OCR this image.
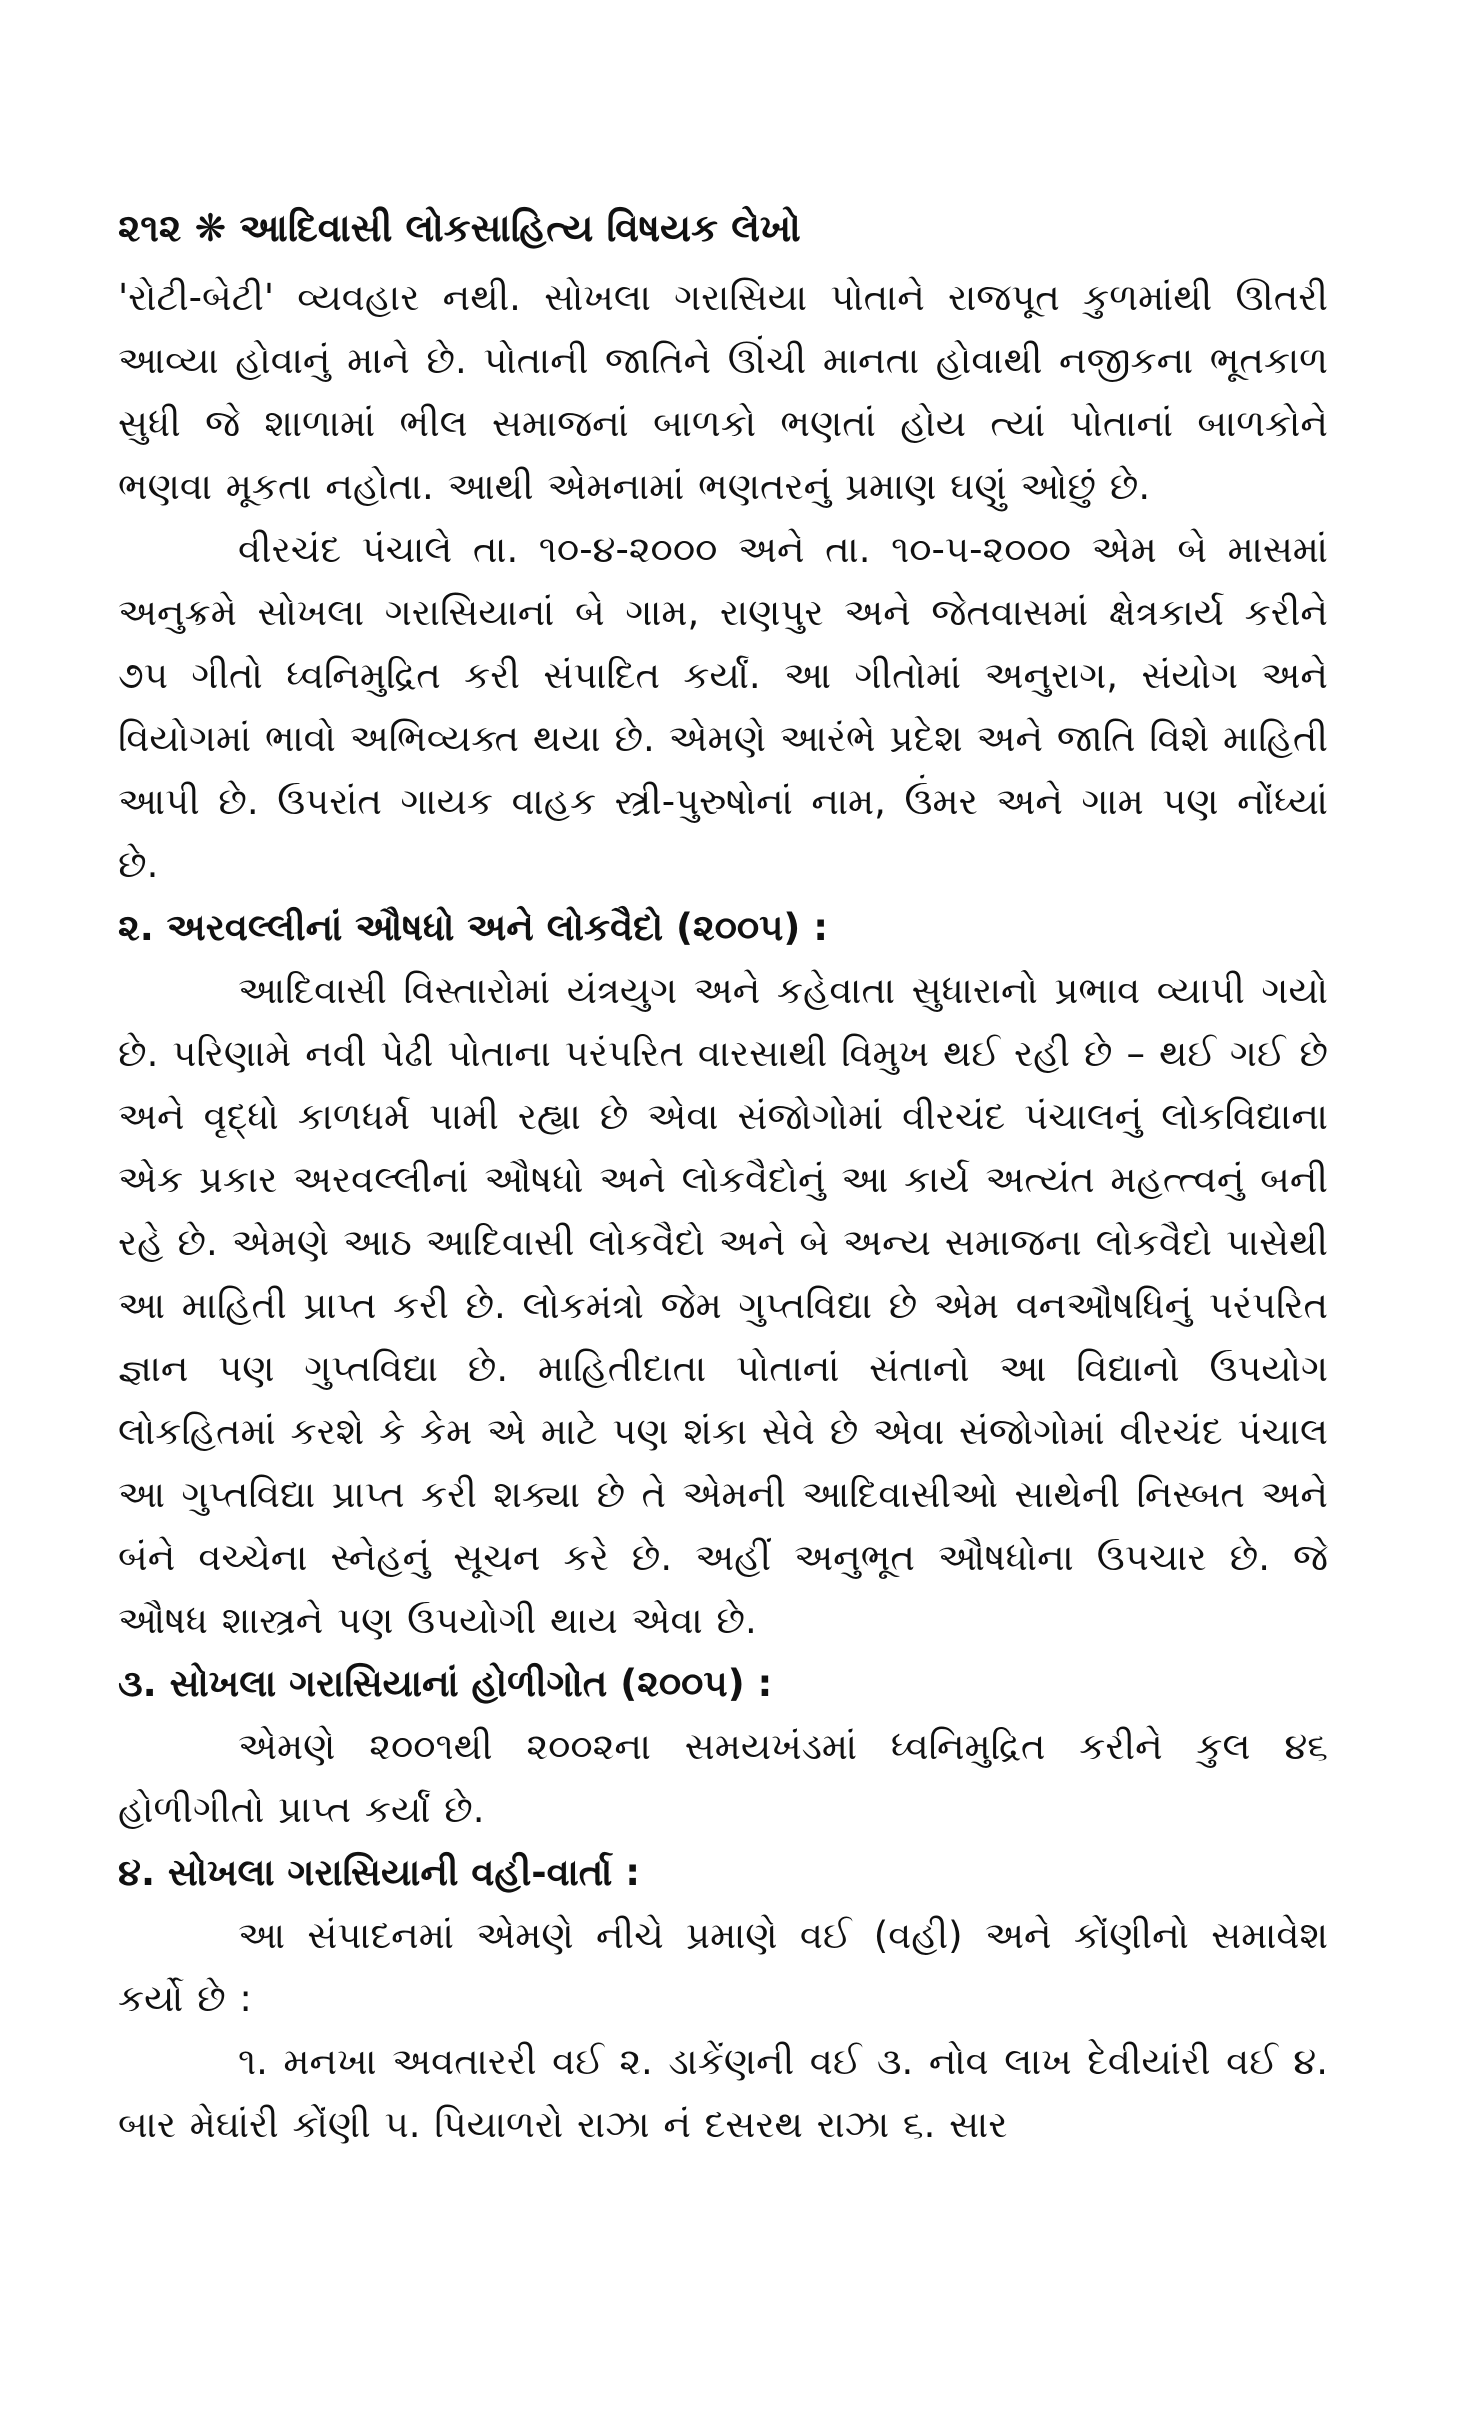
૨૧૨ ❋ આદિવાસી લોકસાહિત્ય વિષયક લેખો

'રોટી-બેટી' વ્યવહાર નથી. સોખલા ગરાસિયા પોતાને રાજપૂત કુળમાંથી ઊતરી આવ્યા હોવાનું માને છે. પોતાની જાતિને ઊંચી માનતા હોવાથી નજીકના ભૂતકાળ સુધી જે શાળામાં ભીલ સમાજનાં બાળકો ભણતાં હોય ત્યાં પોતાનાં બાળકોને ભણવા મૂકતા નહોતા. આથી એમનામાં ભણતરનું પ્રમાણ ઘણું ઓછું છે.

વીરચંદ પંચાલે તા. ૧૦-૪-૨૦૦૦ અને તા. ૧૦-૫-૨૦૦૦ એમ બે માસમાં અનુક્રમે સોખલા ગરાસિયાનાં બે ગામ, રાણપુર અને જેતવાસમાં ક્ષેત્રકાર્ય કરીને ૭૫ ગીતો ધ્વનિમુદ્રિત કરી સંપાદિત કર્યાં. આ ગીતોમાં અનુરાગ, સંયોગ અને વિયોગમાં ભાવો અભિવ્યક્ત થયા છે. એમણે આરંભે પ્રદેશ અને જાતિ વિશે માહિતી આપી છે. ઉપરાંત ગાયક વાહક સ્ત્રી-પુરુષોનાં નામ, ઉંમર અને ગામ પણ નોંધ્યાં છે.

૨. અરવલ્લીનાં ઔષધો અને લોકવૈદો (૨૦૦૫) :

આદિવાસી વિસ્તારોમાં યંત્રયુગ અને કહેવાતા સુધારાનો પ્રભાવ વ્યાપી ગયો છે. પરિણામે નવી પેઢી પોતાના પરંપરિત વારસાથી વિમુખ થઈ રહી છે – થઈ ગઈ છે અને વૃદ્ધો કાળધર્મ પામી રહ્યા છે એવા સંજોગોમાં વીરચંદ પંચાલનું લોકવિદ્યાના એક પ્રકાર અરવલ્લીનાં ઔષધો અને લોકવૈદોનું આ કાર્ય અત્યંત મહત્ત્વનું બની રહે છે. એમણે આઠ આદિવાસી લોકવૈદો અને બે અન્ય સમાજના લોકવૈદો પાસેથી આ માહિતી પ્રાપ્ત કરી છે. લોકમંત્રો જેમ ગુપ્તવિદ્યા છે એમ વનઔષધિનું પરંપરિત જ્ઞાન પણ ગુપ્તવિદ્યા છે. માહિતીદાતા પોતાનાં સંતાનો આ વિદ્યાનો ઉપયોગ લોકહિતમાં કરશે કે કેમ એ માટે પણ શંકા સેવે છે એવા સંજોગોમાં વીરચંદ પંચાલ આ ગુપ્તવિદ્યા પ્રાપ્ત કરી શક્યા છે તે એમની આદિવાસીઓ સાથેની નિસ્બત અને બંને વચ્ચેના સ્નેહનું સૂચન કરે છે. અહીં અનુભૂત ઔષધોના ઉપચાર છે. જે ઔષધ શાસ્ત્રને પણ ઉપયોગી થાય એવા છે.

૩. સોખલા ગરાસિયાનાં હોળીગોત (૨૦૦૫) :

એમણે ૨૦૦૧થી ૨૦૦૨ના સમયખંડમાં ધ્વનિમુદ્રિત કરીને કુલ ૪૬ હોળીગીતો પ્રાપ્ત કર્યાં છે.

૪. સોખલા ગરાસિયાની વહી-વાર્તા :

આ સંપાદનમાં એમણે નીચે પ્રમાણે વઈ (વહી) અને કોંણીનો સમાવેશ કર્યો છે :

૧. મનખા અવતારરી વઈ ૨. ડાકેંણની વઈ ૩. નોવ લાખ દેવીયાંરી વઈ ૪. બાર મેઘાંરી કોંણી ૫. પિયાળરો રાઝા નં દસરથ રાઝા ૬. સાર
